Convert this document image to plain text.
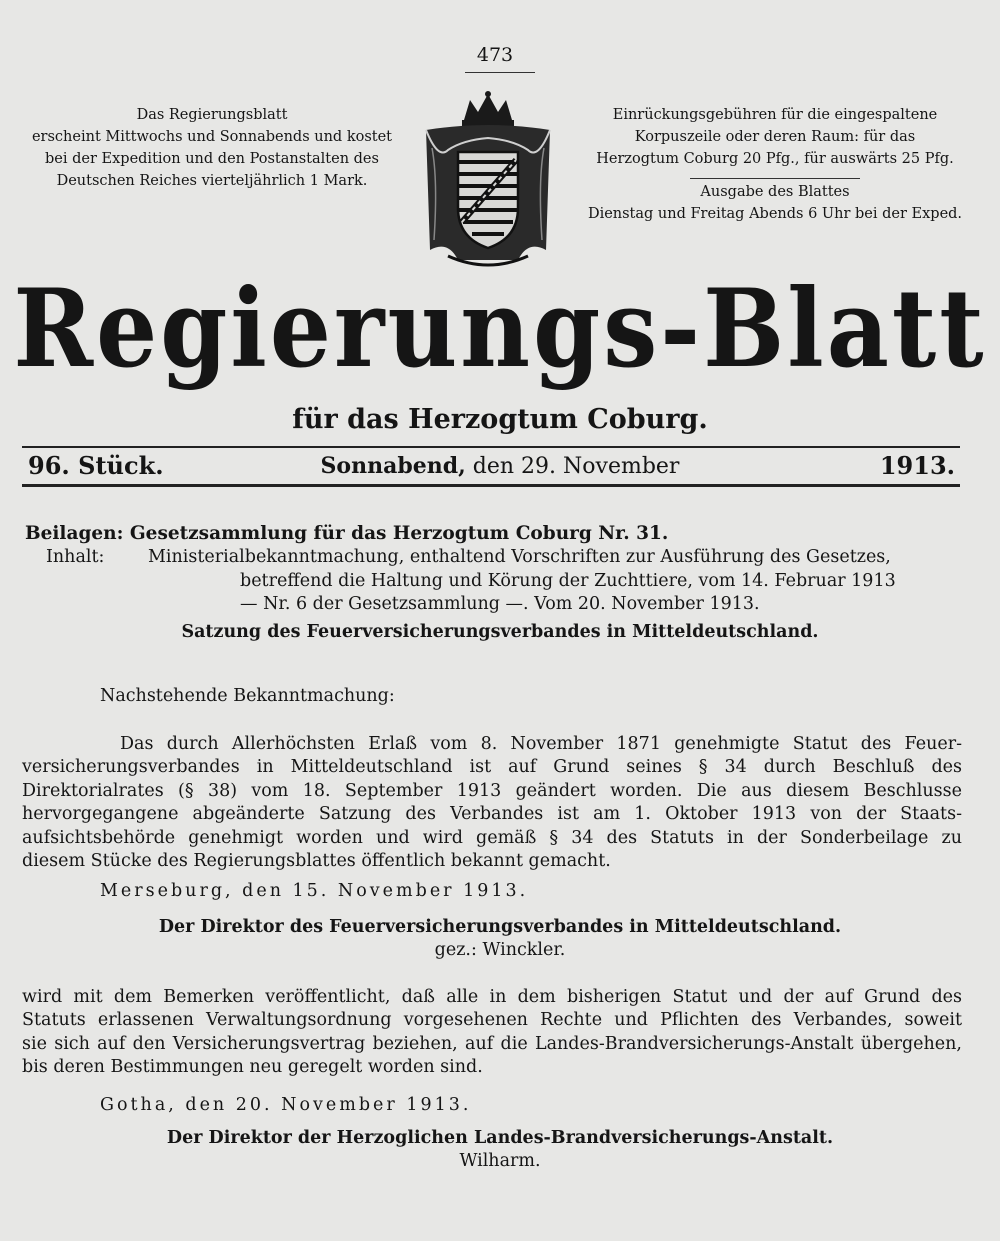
473
Das Regierungsblatt
erscheint Mittwochs und Sonnabends und kostet
bei der Expedition und den Postanstalten des
Deutschen Reiches vierteljährlich 1 Mark.
Einrückungsgebühren für die eingespaltene
Korpuszeile oder deren Raum: für das
Herzogtum Coburg 20 Pfg., für auswärts 25 Pfg.
Ausgabe des Blattes
Dienstag und Freitag Abends 6 Uhr bei der Exped.
Regierungs-Blatt
für das Herzogtum Coburg.
96. Stück.	Sonnabend, den 29. November	1913.
Beilagen: Gesetzsammlung für das Herzogtum Coburg Nr. 31.
Inhalt: Ministerialbekanntmachung, enthaltend Vorschriften zur Ausführung des Gesetzes,
betreffend die Haltung und Körung der Zuchttiere, vom 14. Februar 1913
— Nr. 6 der Gesetzsammlung —. Vom 20. November 1913.
Satzung des Feuerversicherungsverbandes in Mitteldeutschland.
Nachstehende Bekanntmachung:
Das durch Allerhöchsten Erlaß vom 8. November 1871 genehmigte Statut des Feuer-
versicherungsverbandes in Mitteldeutschland ist auf Grund seines § 34 durch Beschluß des
Direktorialrates (§ 38) vom 18. September 1913 geändert worden. Die aus diesem Beschlusse
hervorgegangene abgeänderte Satzung des Verbandes ist am 1. Oktober 1913 von der Staats-
aufsichtsbehörde genehmigt worden und wird gemäß § 34 des Statuts in der Sonderbeilage zu
diesem Stücke des Regierungsblattes öffentlich bekannt gemacht.
Merseburg, den 15. November 1913.
Der Direktor des Feuerversicherungsverbandes in Mitteldeutschland.
gez.: Winckler.
wird mit dem Bemerken veröffentlicht, daß alle in dem bisherigen Statut und der auf Grund des
Statuts erlassenen Verwaltungsordnung vorgesehenen Rechte und Pflichten des Verbandes, soweit
sie sich auf den Versicherungsvertrag beziehen, auf die Landes-Brandversicherungs-Anstalt übergehen,
bis deren Bestimmungen neu geregelt worden sind.
Gotha, den 20. November 1913.
Der Direktor der Herzoglichen Landes-Brandversicherungs-Anstalt.
Wilharm.
